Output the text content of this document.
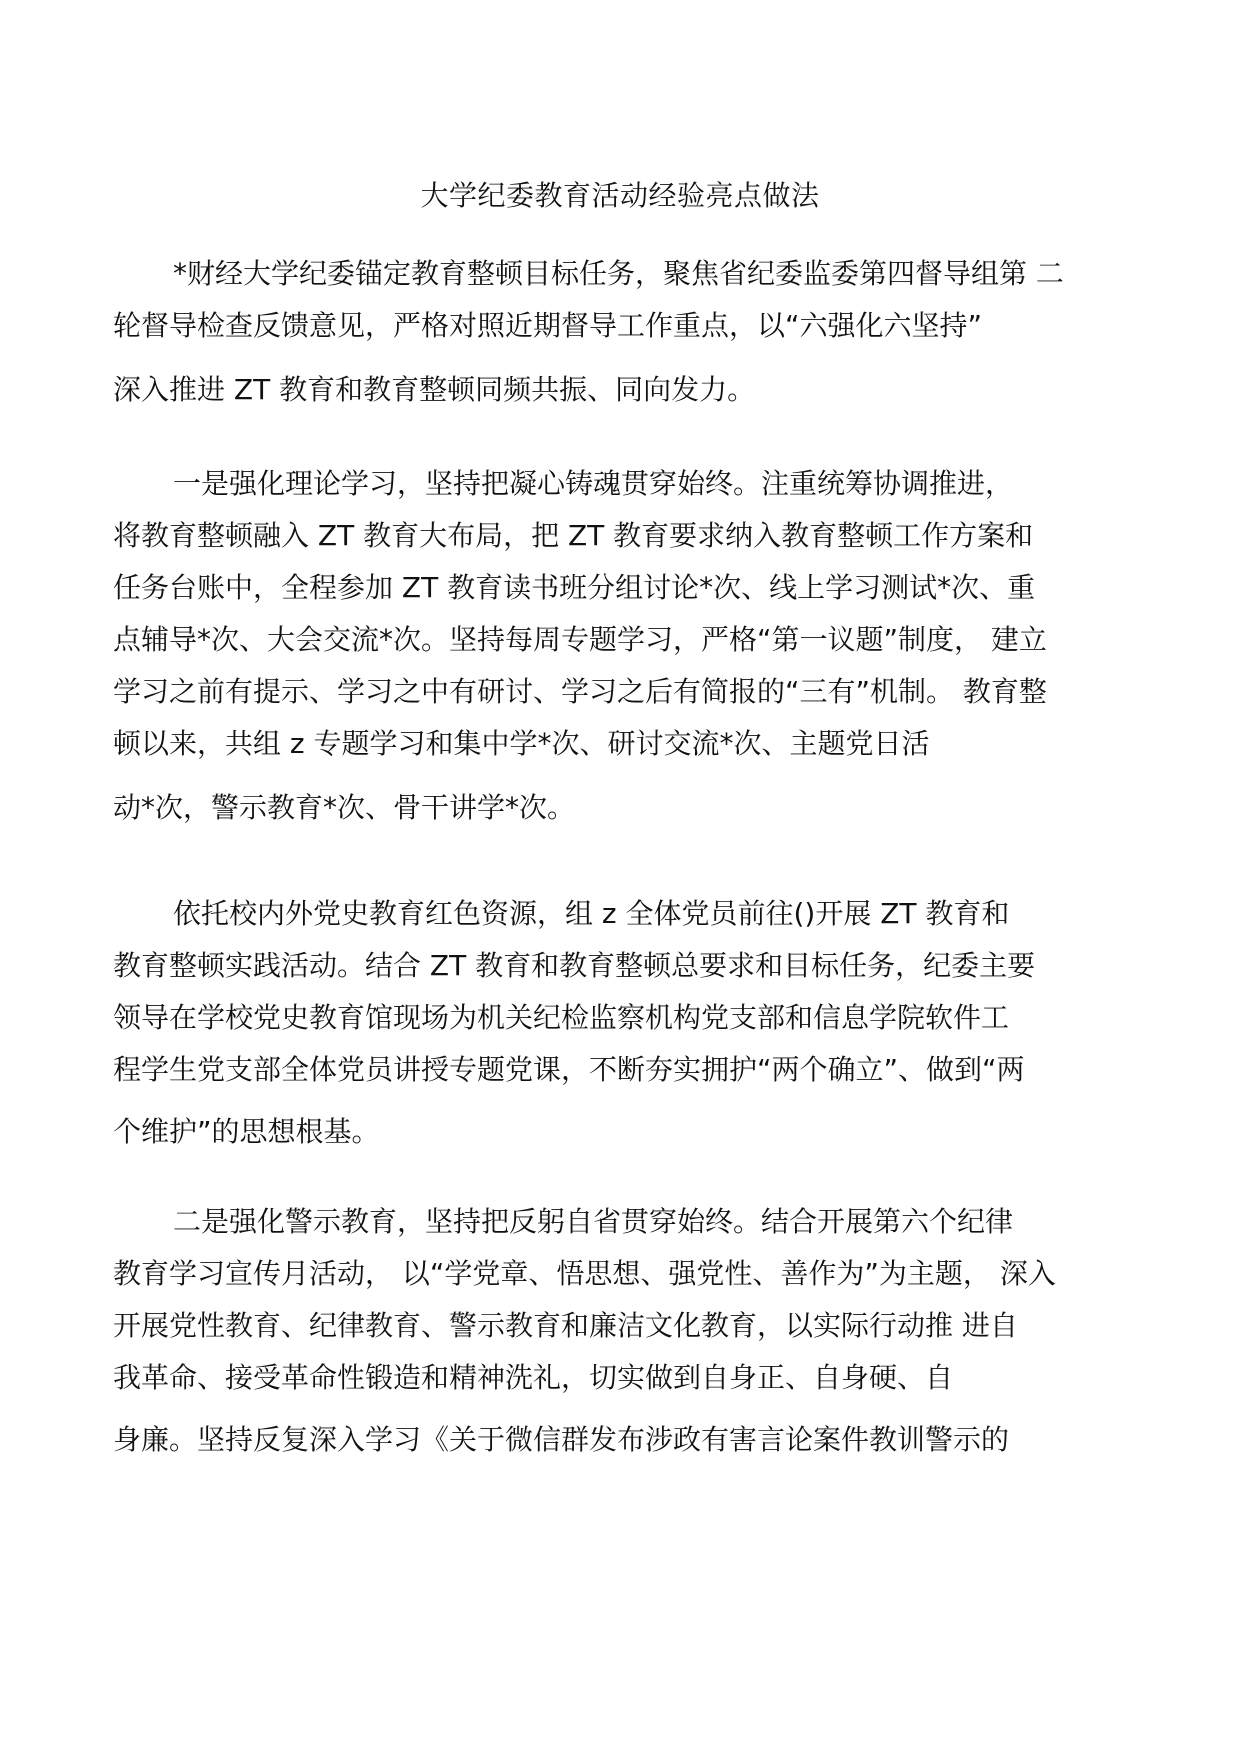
大学纪委教育活动经验亮点做法
*财经大学纪委锚定教育整顿目标任务，聚焦省纪委监委第四督导组第 二
轮督导检查反馈意见，严格对照近期督导工作重点，以“六强化六坚持”
深入推进 ZT 教育和教育整顿同频共振、同向发力。
一是强化理论学习，坚持把凝心铸魂贯穿始终。注重统筹协调推进，
将教育整顿融入 ZT 教育大布局，把 ZT 教育要求纳入教育整顿工作方案和
任务台账中，全程参加 ZT 教育读书班分组讨论*次、线上学习测试*次、重
点辅导*次、大会交流*次。坚持每周专题学习，严格“第一议题”制度， 建立
学习之前有提示、学习之中有研讨、学习之后有简报的“三有”机制。 教育整
顿以来，共组 z 专题学习和集中学*次、研讨交流*次、主题党日活
动*次，警示教育*次、骨干讲学*次。
依托校内外党史教育红色资源，组 z 全体党员前往()开展 ZT 教育和
教育整顿实践活动。结合 ZT 教育和教育整顿总要求和目标任务，纪委主要
领导在学校党史教育馆现场为机关纪检监察机构党支部和信息学院软件工
程学生党支部全体党员讲授专题党课，不断夯实拥护“两个确立”、做到“两
个维护”的思想根基。
二是强化警示教育，坚持把反躬自省贯穿始终。结合开展第六个纪律
教育学习宣传月活动， 以“学党章、悟思想、强党性、善作为”为主题， 深入
开展党性教育、纪律教育、警示教育和廉洁文化教育，以实际行动推 进自
我革命、接受革命性锻造和精神洗礼，切实做到自身正、自身硬、自
身廉。坚持反复深入学习《关于微信群发布涉政有害言论案件教训警示的
